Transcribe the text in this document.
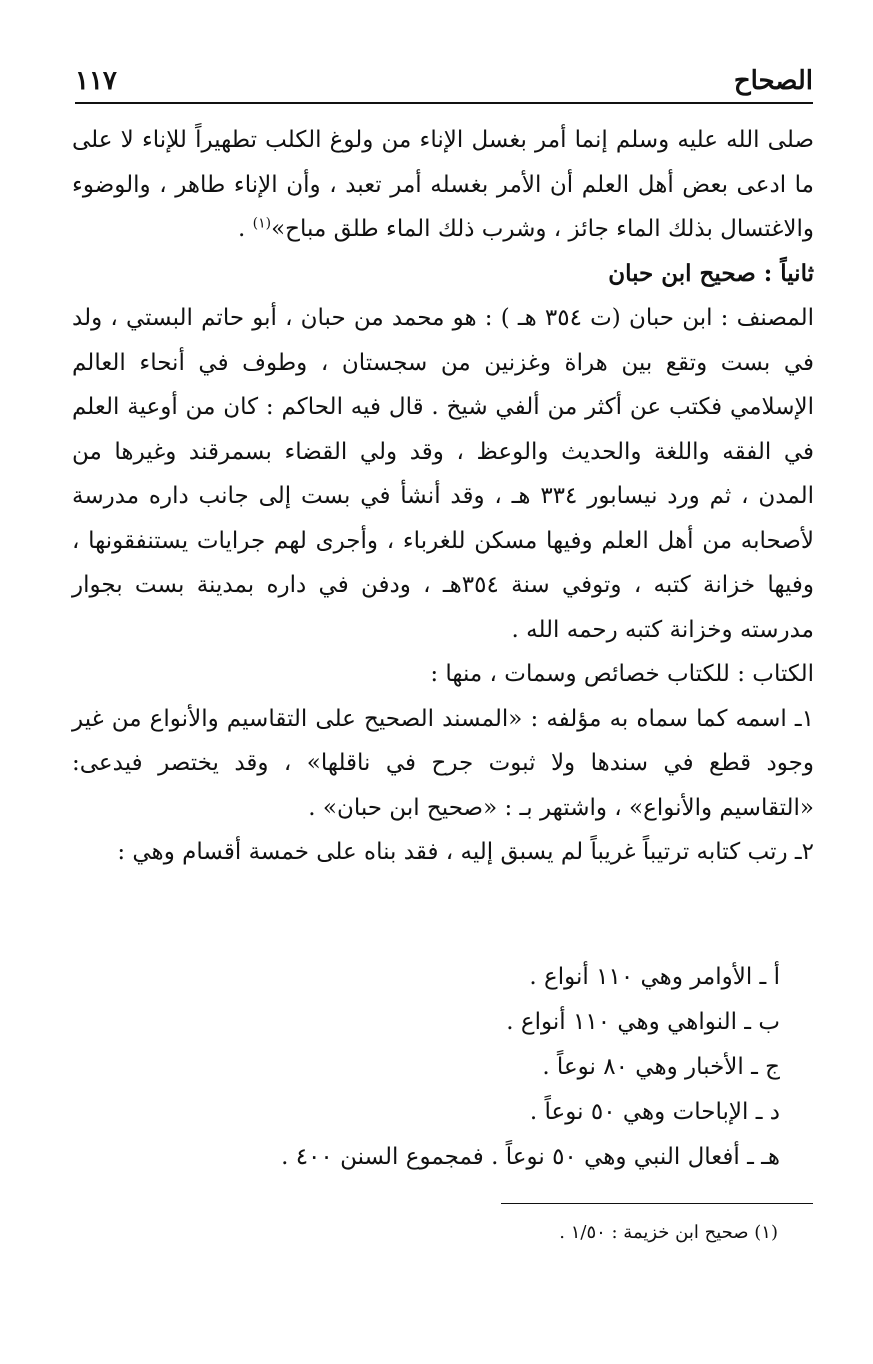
الصحاح
١١٧

صلى الله عليه وسلم إنما أمر بغسل الإناء من ولوغ الكلب تطهيراً للإناء لا على ما ادعى بعض أهل العلم أن الأمر بغسله أمر تعبد ، وأن الإناء طاهر ، والوضوء والاغتسال بذلك الماء جائز ، وشرب ذلك الماء طلق مباح»$^{(١)}$ .

ثانياً : صحيح ابن حبان

المصنف : ابن حبان (ت ٣٥٤ هـ ) : هو محمد من حبان ، أبو حاتم البستي ، ولد في بست وتقع بين هراة وغزنين من سجستان ، وطوف في أنحاء العالم الإسلامي فكتب عن أكثر من ألفي شيخ . قال فيه الحاكم : كان من أوعية العلم في الفقه واللغة والحديث والوعظ ، وقد ولي القضاء بسمرقند وغيرها من المدن ، ثم ورد نيسابور ٣٣٤ هـ ، وقد أنشأ في بست إلى جانب داره مدرسة لأصحابه من أهل العلم وفيها مسكن للغرباء ، وأجرى لهم جرايات يستنفقونها ، وفيها خزانة كتبه ، وتوفي سنة ٣٥٤هـ ، ودفن في داره بمدينة بست بجوار مدرسته وخزانة كتبه رحمه الله .

الكتاب : للكتاب خصائص وسمات ، منها :

١ـ اسمه كما سماه به مؤلفه : «المسند الصحيح على التقاسيم والأنواع من غير وجود قطع في سندها ولا ثبوت جرح في ناقلها» ، وقد يختصر فيدعى: «التقاسيم والأنواع» ، واشتهر بـ : «صحيح ابن حبان» .

٢ـ رتب كتابه ترتيباً غريباً لم يسبق إليه ، فقد بناه على خمسة أقسام وهي :

أ ـ الأوامر وهي ١١٠ أنواع .

ب ـ النواهي وهي ١١٠ أنواع .

ج ـ الأخبار وهي ٨٠ نوعاً .

د ـ الإباحات وهي ٥٠ نوعاً .

هـ ـ أفعال النبي وهي ٥٠ نوعاً . فمجموع السنن ٤٠٠ .

(١) صحيح ابن خزيمة : ١/٥٠ .
